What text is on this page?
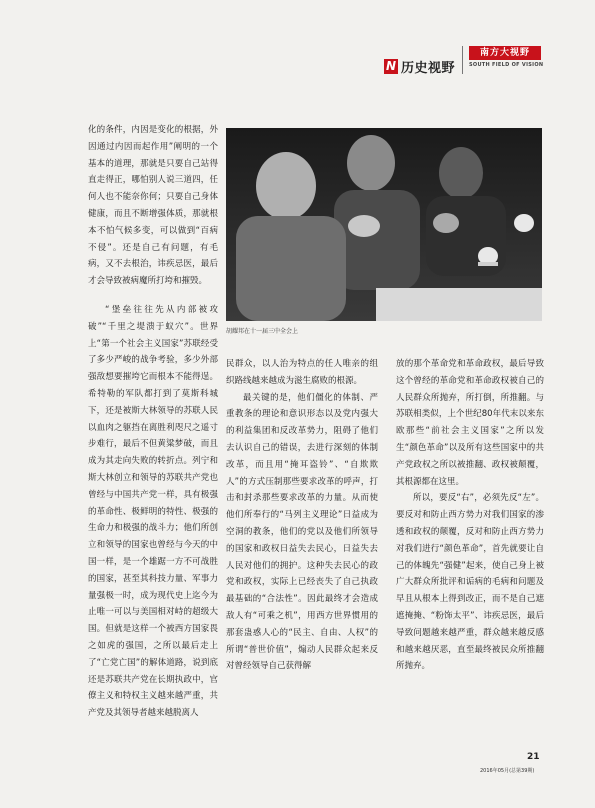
N 历史视野
南方大视野
SOUTH FIELD OF VISION
胡耀邦在十一届三中全会上

化的条件，内因是变化的根据，外因通过内因而起作用”阐明的一个基本的道理，那就是只要自己站得直走得正，哪怕别人说三道四，任何人也不能奈你何；只要自己身体健康，而且不断增强体质，那就根本不怕气候多变，可以做到“百病不侵”。还是自己有问题，有毛病，又不去根治，讳疾忌医，最后才会导致被病魔所打垮和摧毁。

“堡垒往往先从内部被攻破”“千里之堤溃于蚁穴”。世界上“第一个社会主义国家”苏联经受了多少严峻的战争考验，多少外部强敌想要摧垮它而根本不能得逞。希特勒的军队都打到了莫斯科城下，还是被斯大林领导的苏联人民以血肉之躯挡在离胜利咫尺之遥寸步难行，最后不但黄粱梦破，而且成为其走向失败的转折点。列宁和斯大林创立和领导的苏联共产党也曾经与中国共产党一样，具有极强的革命性、极鲜明的特性、极强的生命力和极强的战斗力；他们所创立和领导的国家也曾经与今天的中国一样，是一个雄踞一方不可战胜的国家，甚至其科技力量、军事力量强极一时，成为现代史上迄今为止唯一可以与美国相对峙的超级大国。但就是这样一个被西方国家畏之如虎的强国，之所以最后走上了“亡党亡国”的解体道路，说到底还是苏联共产党在长期执政中，官僚主义和特权主义越来越严重，共产党及其领导者越来越脱离人

民群众，以人治为特点的任人唯亲的组织路线越来越成为滋生腐败的根源。

最关键的是，他们僵化的体制、严重教条的理论和意识形态以及党内强大的利益集团和反改革势力，阻碍了他们去认识自己的错误，去进行深刻的体制改革，而且用“掩耳盗铃”、“自欺欺人”的方式压制那些要求改革的呼声，打击和封杀那些要求改革的力量。从而使他们所奉行的“马列主义理论”日益成为空洞的教条，他们的党以及他们所领导的国家和政权日益失去民心，日益失去人民对他们的拥护。这种失去民心的政党和政权，实际上已经丧失了自己执政最基础的“合法性”。因此最终才会造成敌人有“可乘之机”，用西方世界惯用的那套蛊惑人心的“民主、自由、人权”的所谓“普世价值”，煽动人民群众起来反对曾经领导自己获得解

放的那个革命党和革命政权，最后导致这个曾经的革命党和革命政权被自己的人民群众所抛弃，所打倒，所推翻。与苏联相类似，上个世纪80年代末以来东欧那些“前社会主义国家”之所以发生“颜色革命”以及所有这些国家中的共产党政权之所以被推翻、政权被颠覆，其根源都在这里。

所以，要反“右”，必须先反“左”。要反对和防止西方势力对我们国家的渗透和政权的颠覆，反对和防止西方势力对我们进行“颜色革命”，首先就要让自己的体魄先“强健”起来，使自己身上被广大群众所批评和诟病的毛病和问题及早且从根本上得到改正，而不是自己遮遮掩掩、“粉饰太平”、讳疾忌医，最后导致问题越来越严重，群众越来越反感和越来越厌恶，直至最终被民众所推翻所抛弃。

21
2016年05月(总第39期)
